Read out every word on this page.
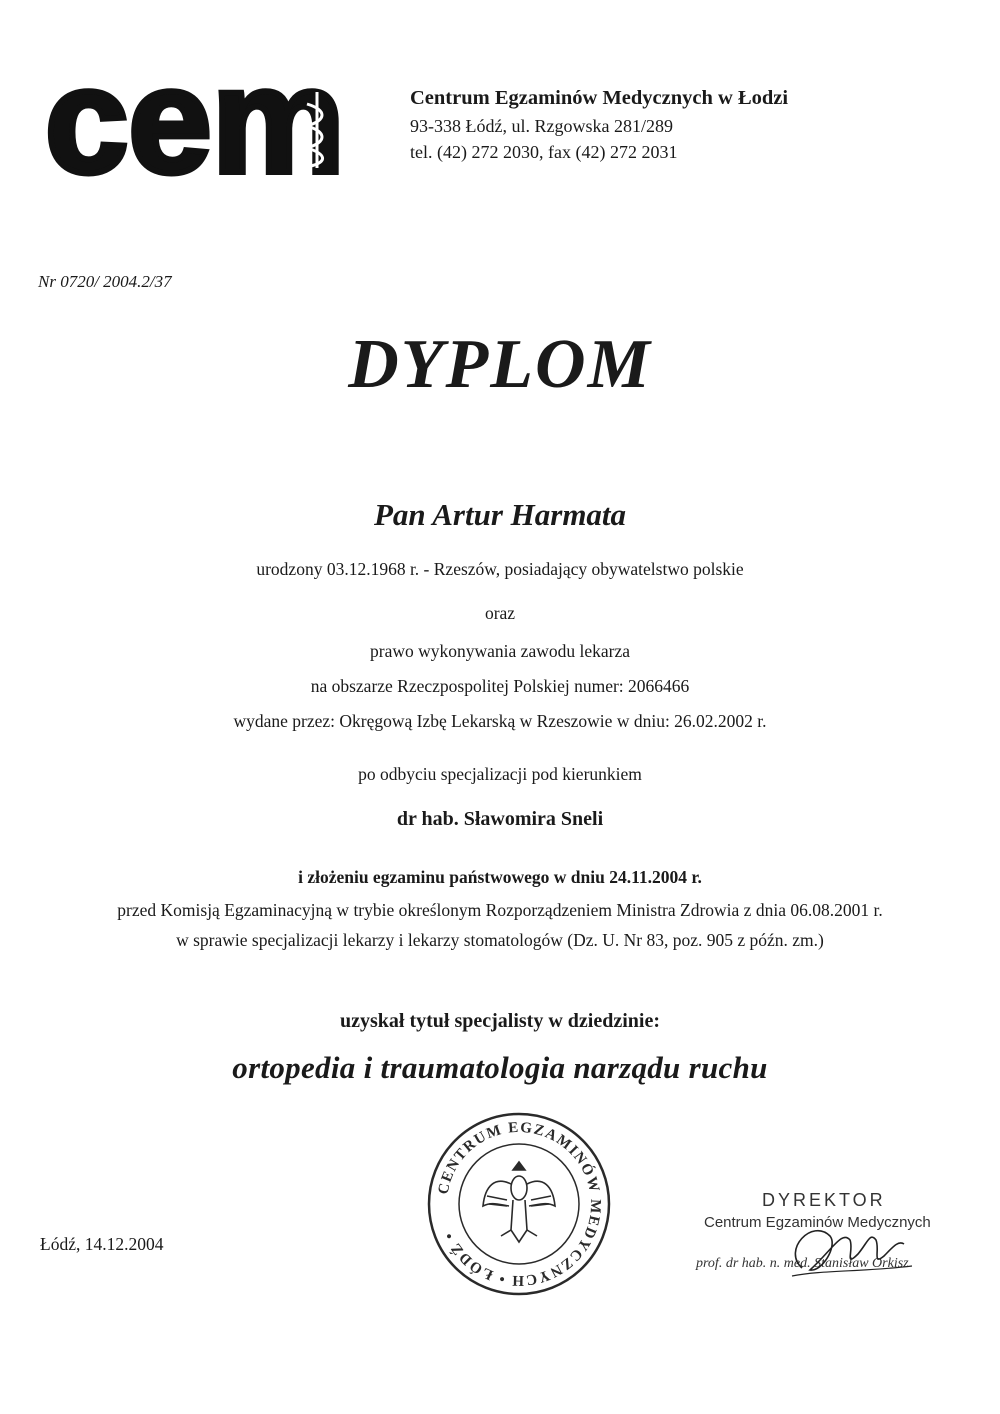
cem	Centrum Egzaminów Medycznych w Łodzi
93-338 Łódź, ul. Rzgowska 281/289
tel. (42) 272 2030, fax (42) 272 2031
Nr 0720/ 2004.2/37
DYPLOM
Pan Artur Harmata
urodzony 03.12.1968 r. - Rzeszów, posiadający obywatelstwo polskie
oraz
prawo wykonywania zawodu lekarza
na obszarze Rzeczpospolitej Polskiej numer: 2066466
wydane przez: Okręgową Izbę Lekarską w Rzeszowie w dniu: 26.02.2002 r.
po odbyciu specjalizacji pod kierunkiem
dr hab. Sławomira Sneli
i złożeniu egzaminu państwowego w dniu 24.11.2004 r.
przed Komisją Egzaminacyjną w trybie określonym Rozporządzeniem Ministra Zdrowia z dnia 06.08.2001 r.
w sprawie specjalizacji lekarzy i lekarzy stomatologów (Dz. U. Nr 83, poz. 905 z późn. zm.)
uzyskał tytuł specjalisty w dziedzinie:
ortopedia i traumatologia narządu ruchu
CENTRUM EGZAMINÓW MEDYCZNYCH • ŁÓDŹ •
Łódź, 14.12.2004
DYREKTOR
Centrum Egzaminów Medycznych
prof. dr hab. n. med. Stanisław Orkisz
